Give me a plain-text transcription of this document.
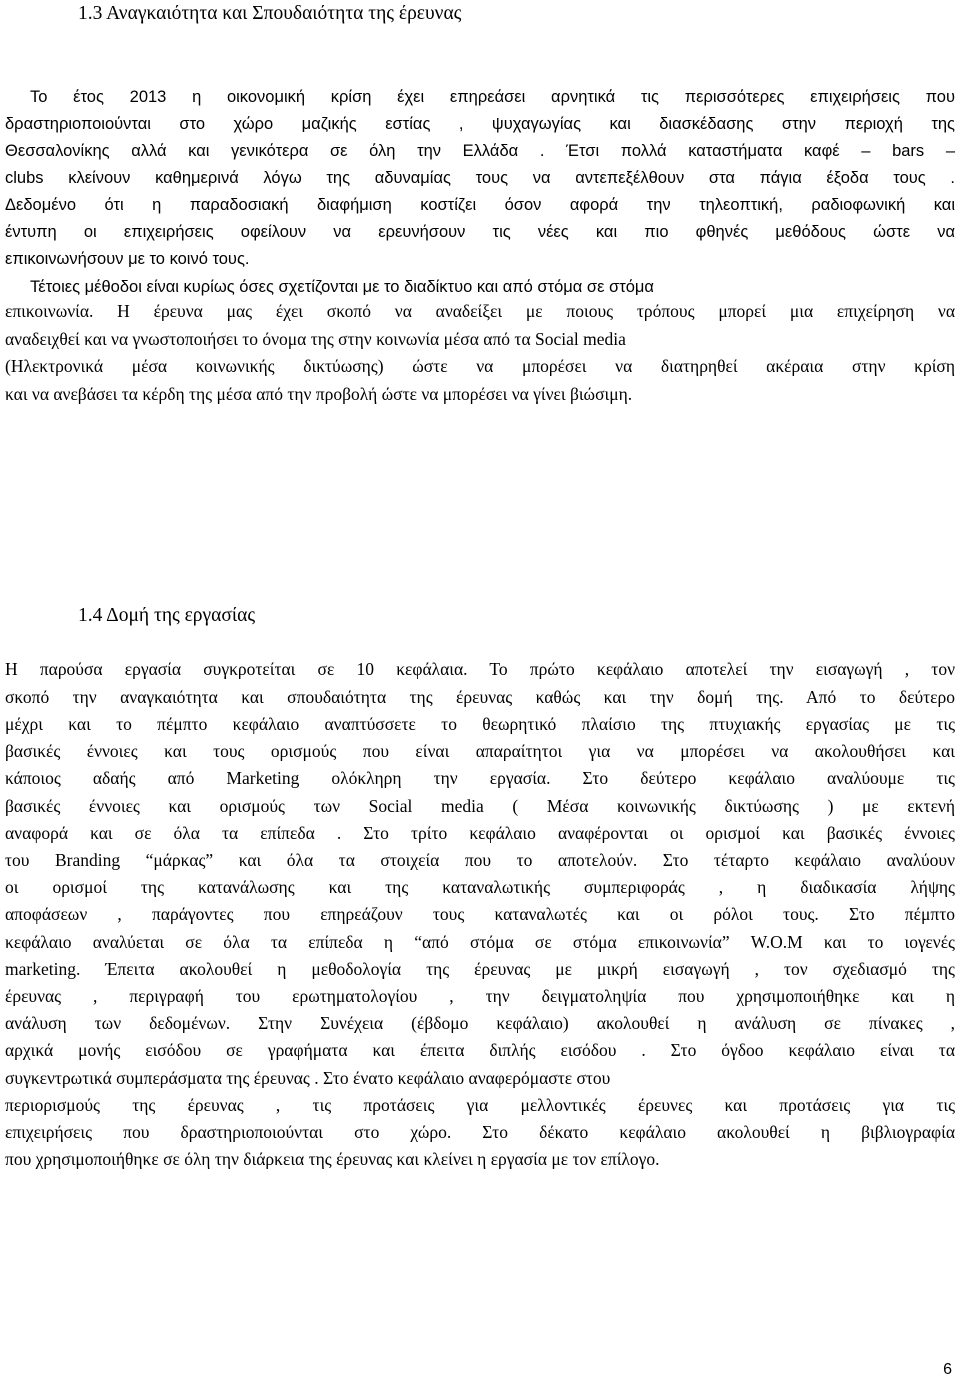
1.3 Αναγκαιότητα και Σπουδαιότητα της έρευνας

Το έτος 2013 η οικονομική κρίση έχει επηρεάσει αρνητικά τις περισσότερες επιχειρήσεις που

δραστηριοποιούνται στο χώρο μαζικής εστίας , ψυχαγωγίας και διασκέδασης στην περιοχή της

Θεσσαλονίκης αλλά και γενικότερα σε όλη την Ελλάδα . Έτσι πολλά καταστήματα καφέ – bars –

clubs κλείνουν καθημερινά λόγω της αδυναμίας τους να αντεπεξέλθουν στα πάγια έξοδα τους .

Δεδομένο ότι η παραδοσιακή διαφήμιση κοστίζει όσον αφορά την τηλεοπτική, ραδιοφωνική και

έντυπη οι επιχειρήσεις οφείλουν να ερευνήσουν τις νέες και πιο φθηνές μεθόδους ώστε να

επικοινωνήσουν με το κοινό τους.

Τέτοιες μέθοδοι είναι κυρίως όσες σχετίζονται με το διαδίκτυο και από στόμα σε στόμα

επικοινωνία. Η έρευνα μας έχει σκοπό να αναδείξει με ποιους τρόπους μπορεί μια επιχείρηση να

αναδειχθεί και να γνωστοποιήσει το όνομα της στην κοινωνία μέσα από τα Social media

(Ηλεκτρονικά μέσα κοινωνικής δικτύωσης) ώστε να μπορέσει να διατηρηθεί ακέραια στην κρίση

και να ανεβάσει τα κέρδη της μέσα από την προβολή ώστε να μπορέσει να γίνει βιώσιμη.

1.4 Δομή της εργασίας

Η παρούσα εργασία συγκροτείται σε 10 κεφάλαια. Το πρώτο κεφάλαιο αποτελεί την εισαγωγή , τον

σκοπό την αναγκαιότητα και σπουδαιότητα της έρευνας καθώς και την δομή της. Από το δεύτερο

μέχρι και το πέμπτο κεφάλαιο αναπτύσσετε το θεωρητικό πλαίσιο της πτυχιακής εργασίας με τις

βασικές έννοιες και τους ορισμούς που είναι απαραίτητοι για να μπορέσει να ακολουθήσει και

κάποιος αδαής από Marketing ολόκληρη την εργασία. Στο δεύτερο κεφάλαιο αναλύουμε τις

βασικές έννοιες και ορισμούς των Social media ( Μέσα κοινωνικής δικτύωσης ) με εκτενή

αναφορά και σε όλα τα επίπεδα . Στο τρίτο κεφάλαιο αναφέρονται οι ορισμοί και βασικές έννοιες

του Branding “μάρκας” και όλα τα στοιχεία που το αποτελούν. Στο τέταρτο κεφάλαιο αναλύουν

οι ορισμοί της κατανάλωσης και της καταναλωτικής συμπεριφοράς , η διαδικασία λήψης

αποφάσεων , παράγοντες που επηρεάζουν τους καταναλωτές και οι ρόλοι τους. Στο πέμπτο

κεφάλαιο αναλύεται σε όλα τα επίπεδα η “από στόμα σε στόμα επικοινωνία” W.O.M και το ιογενές

marketing. Έπειτα ακολουθεί η μεθοδολογία της έρευνας με μικρή εισαγωγή , τον σχεδιασμό της

έρευνας , περιγραφή του ερωτηματολογίου , την δειγματοληψία που χρησιμοποιήθηκε και η

ανάλυση των δεδομένων. Στην Συνέχεια (έβδομο κεφάλαιο) ακολουθεί η ανάλυση σε πίνακες ,

αρχικά μονής εισόδου σε γραφήματα και έπειτα διπλής εισόδου . Στο όγδοο κεφάλαιο είναι τα

συγκεντρωτικά συμπεράσματα της έρευνας . Στο ένατο κεφάλαιο αναφερόμαστε στου

περιορισμούς της έρευνας , τις προτάσεις για μελλοντικές έρευνες και προτάσεις για τις

επιχειρήσεις που δραστηριοποιούνται στο χώρο. Στο δέκατο κεφάλαιο ακολουθεί η βιβλιογραφία

που χρησιμοποιήθηκε σε όλη την διάρκεια της έρευνας και κλείνει η εργασία με τον επίλογο.

6
